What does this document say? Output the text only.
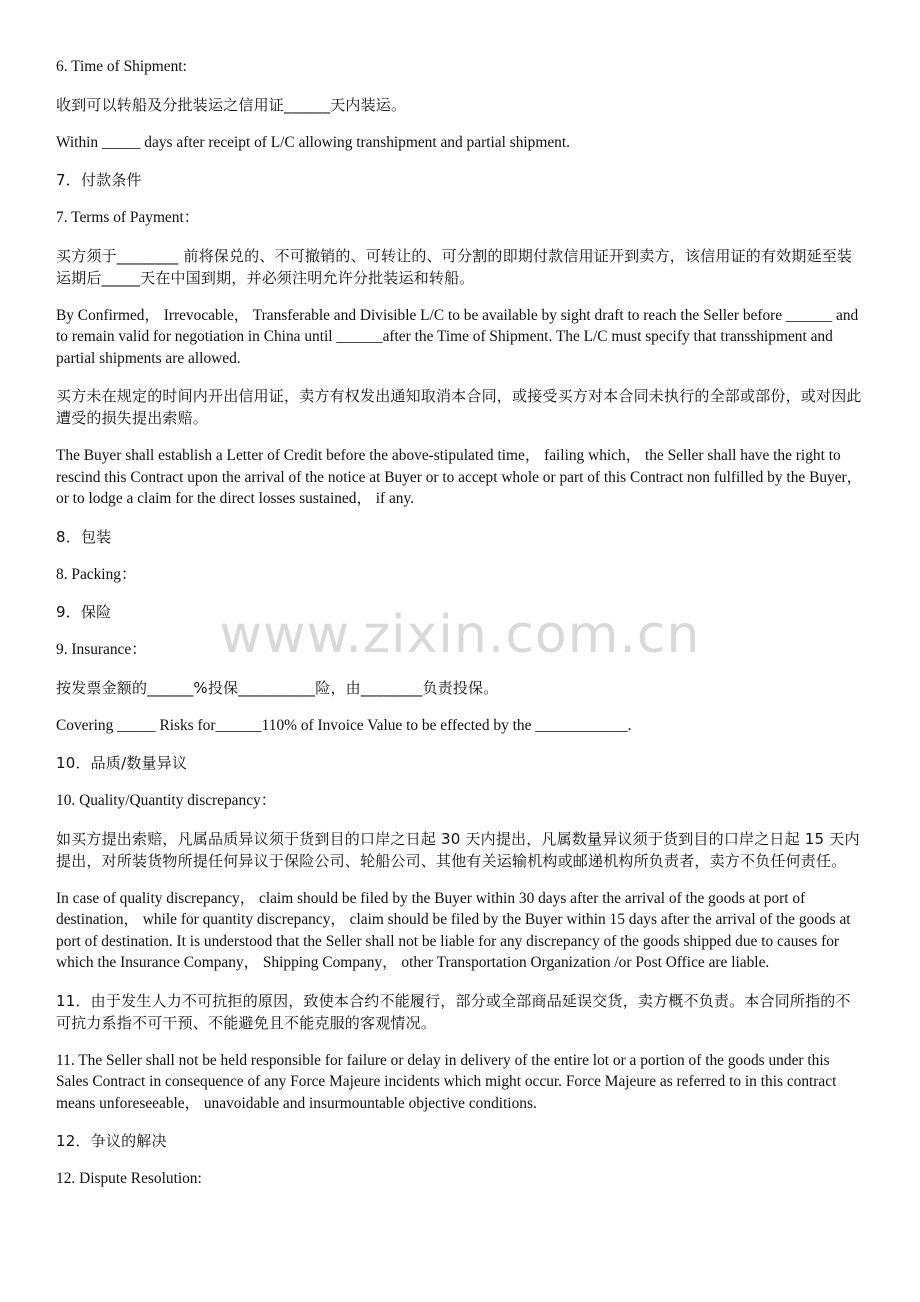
6. Time of Shipment:

收到可以转船及分批装运之信用证______天内装运。

Within _____ days after receipt of L/C allowing transhipment and partial shipment.

7．付款条件

7. Terms of Payment：

买方须于________ 前将保兑的、不可撤销的、可转让的、可分割的即期付款信用证开到卖方，该信用证的有效期延至装运期后_____天在中国到期，并必须注明允许分批装运和转船。

By Confirmed， Irrevocable， Transferable and Divisible L/C to be available by sight draft to reach the Seller before ______ and to remain valid for negotiation in China until ______after the Time of Shipment. The L/C must specify that transshipment and partial shipments are allowed.

买方未在规定的时间内开出信用证，卖方有权发出通知取消本合同，或接受买方对本合同未执行的全部或部份，或对因此遭受的损失提出索赔。

The Buyer shall establish a Letter of Credit before the above-stipulated time， failing which， the Seller shall have the right to rescind this Contract upon the arrival of the notice at Buyer or to accept whole or part of this Contract non fulfilled by the Buyer， or to lodge a claim for the direct losses sustained， if any.

8．包装

8. Packing：

9．保险

9. Insurance：

按发票金额的______%投保__________险，由________负责投保。

Covering _____ Risks for______110% of Invoice Value to be effected by the ____________.

10．品质/数量异议

10. Quality/Quantity discrepancy：

如买方提出索赔，凡属品质异议须于货到目的口岸之日起 30 天内提出，凡属数量异议须于货到目的口岸之日起 15 天内提出，对所装货物所提任何异议于保险公司、轮船公司、其他有关运输机构或邮递机构所负责者，卖方不负任何责任。

In case of quality discrepancy， claim should be filed by the Buyer within 30 days after the arrival of the goods at port of destination， while for quantity discrepancy， claim should be filed by the Buyer within 15 days after the arrival of the goods at port of destination. It is understood that the Seller shall not be liable for any discrepancy of the goods shipped due to causes for which the Insurance Company， Shipping Company， other Transportation Organization /or Post Office are liable.

11．由于发生人力不可抗拒的原因，致使本合约不能履行，部分或全部商品延误交货，卖方概不负责。本合同所指的不可抗力系指不可干预、不能避免且不能克服的客观情况。

11. The Seller shall not be held responsible for failure or delay in delivery of the entire lot or a portion of the goods under this Sales Contract in consequence of any Force Majeure incidents which might occur. Force Majeure as referred to in this contract means unforeseeable， unavoidable and insurmountable objective conditions.

12．争议的解决

12. Dispute Resolution:

www.zixin.com.cn
